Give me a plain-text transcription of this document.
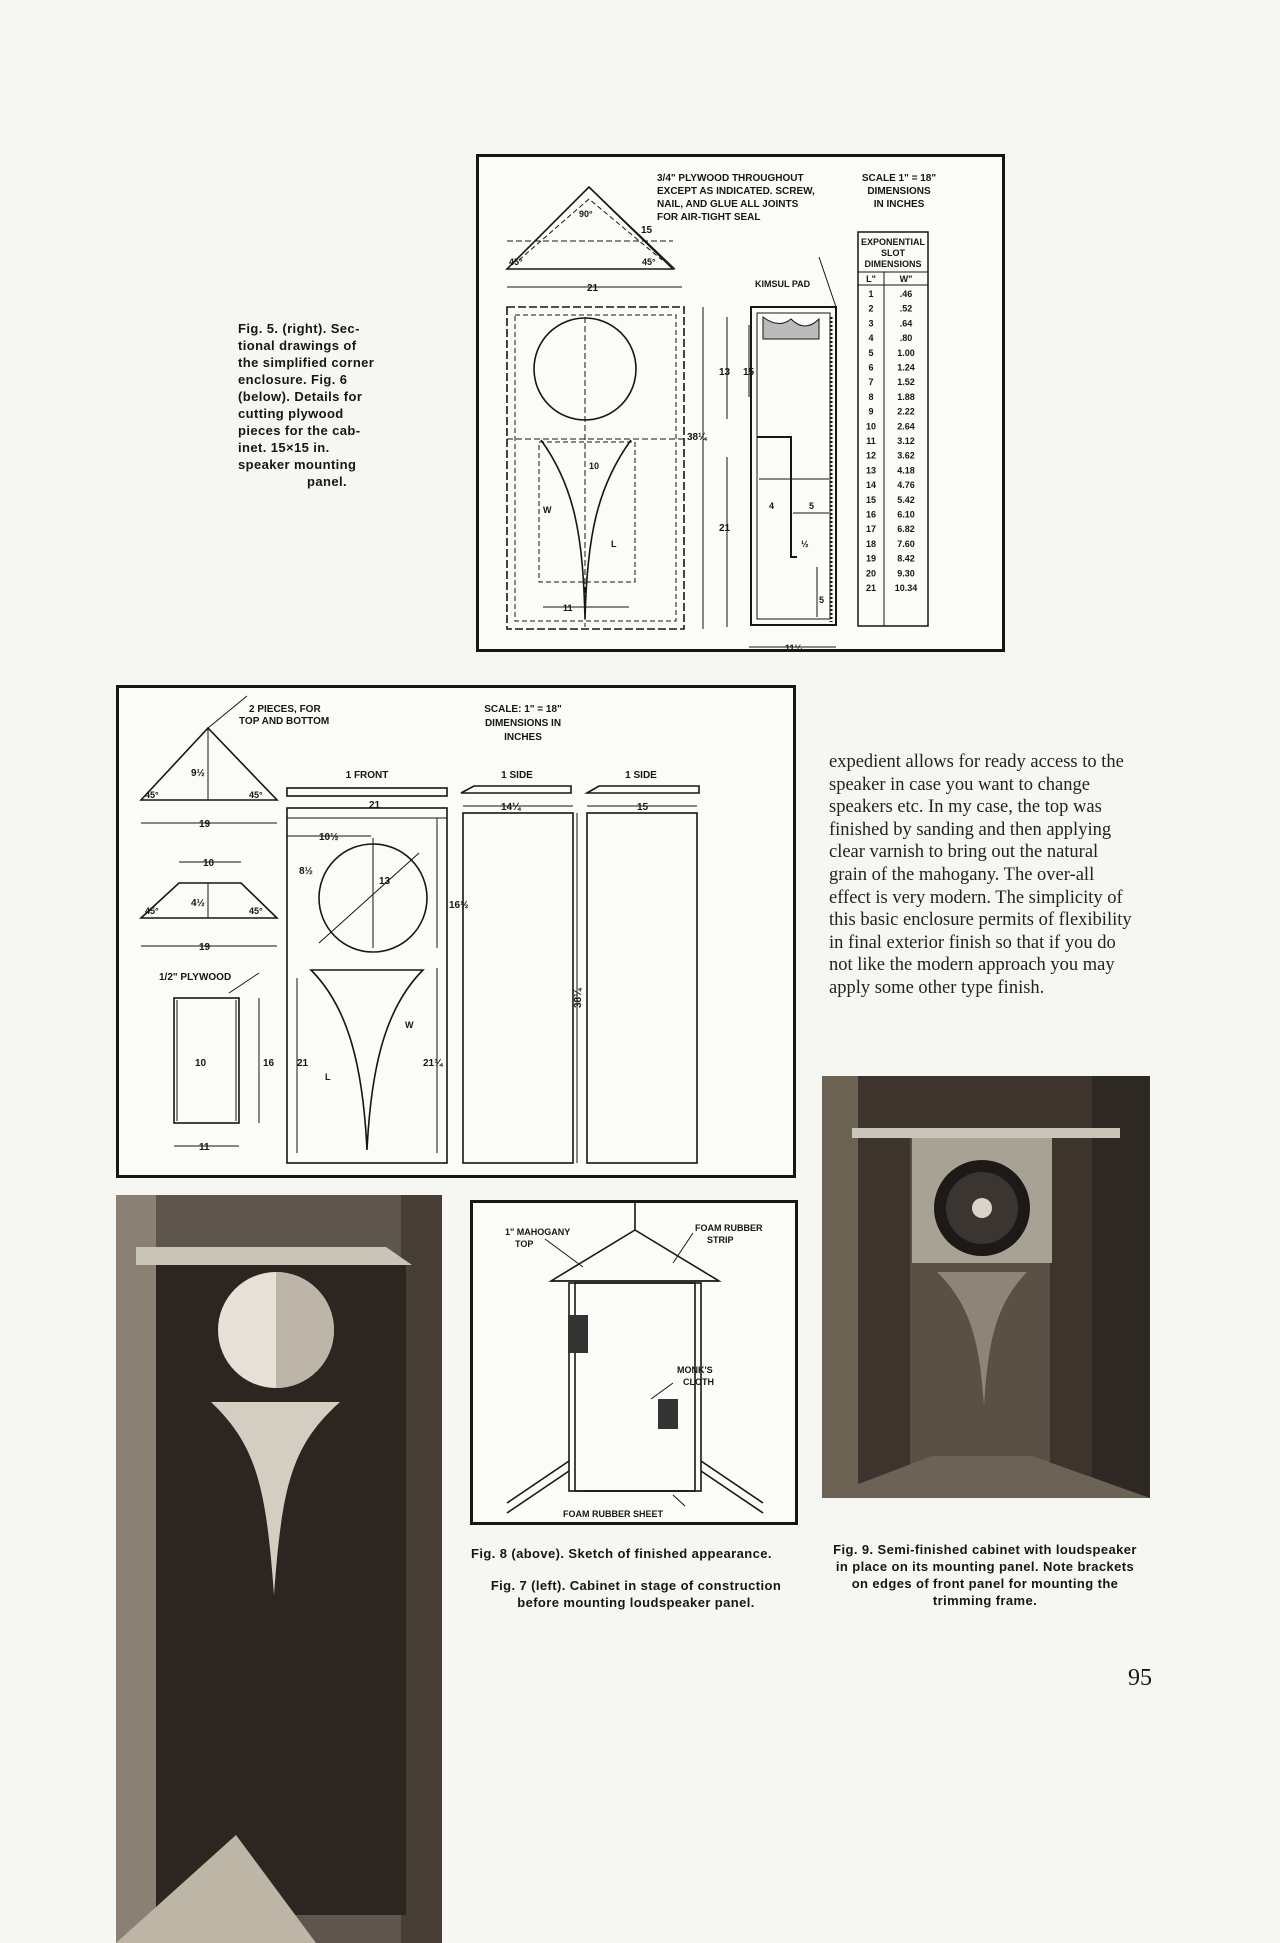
Fig. 5. (right). Sec-
tional drawings of
the simplified corner
enclosure. Fig. 6
(below). Details for
cutting plywood
pieces for the cab-
inet. 15×15 in.
speaker mounting
panel.
3/4" PLYWOOD THROUGHOUT
EXCEPT AS INDICATED. SCREW,
NAIL, AND GLUE ALL JOINTS
FOR AIR-TIGHT SEAL
SCALE 1" = 18"
DIMENSIONS
IN INCHES
KIMSUL PAD
90°
45°	45°
15
21
10
W
L
11
13 15
38¼
21
4	5
½
5
11¼
EXPONENTIAL
SLOT
DIMENSIONS
L"	W"
1	.46
2	.52
3	.64
4	.80
5	1.00
6	1.24
7	1.52
8	1.88
9	2.22
10 2.64
11 3.12
12 3.62
13 4.18
14 4.76
15 5.42
16 6.10
17 6.82
18 7.60
19 8.42
20 9.30
21 10.34
2 PIECES, FOR
TOP AND BOTTOM
SCALE: 1" = 18"
DIMENSIONS IN
INCHES
1 FRONT	1 SIDE	1 SIDE
1/2" PLYWOOD
9½
45°	45°
19
10
4½
45°	45°
19
10	16
11
21
10½
8½
13
16½
21
W
L
21¾
14¼	15
38¼
expedient allows for ready access to the
speaker in case you want to change
speakers etc. In my case, the top was
finished by sanding and then applying
clear varnish to bring out the natural
grain of the mahogany. The over-all
effect is very modern. The simplicity of
this basic enclosure permits of flexibility
in final exterior finish so that if you do
not like the modern approach you may
apply some other type finish.
1" MAHOGANY
TOP
FOAM RUBBER
STRIP
MONK'S
CLOTH
FOAM RUBBER SHEET
Fig. 8 (above). Sketch of finished appearance.
Fig. 7 (left). Cabinet in stage of construction
before mounting loudspeaker panel.
Fig. 9. Semi-finished cabinet with loudspeaker
in place on its mounting panel. Note brackets
on edges of front panel for mounting the
trimming frame.
95
